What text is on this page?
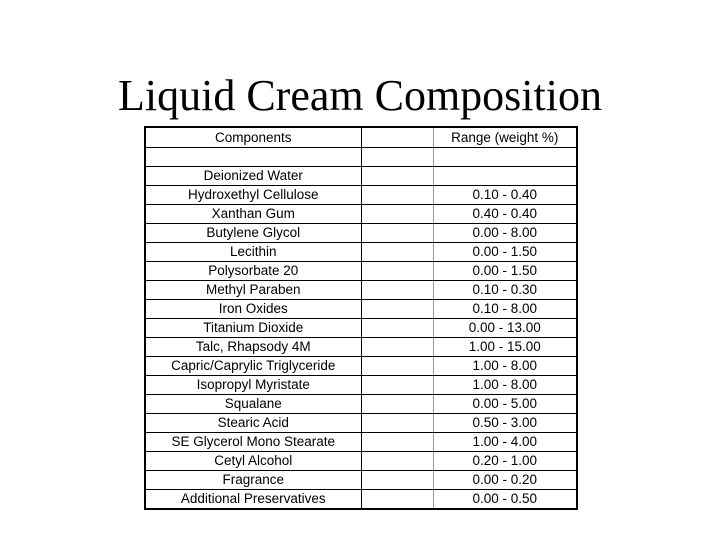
Liquid Cream Composition
Components		Range (weight %)

Deionized Water		
Hydroxethyl Cellulose		0.10 - 0.40
Xanthan Gum		0.40 - 0.40
Butylene Glycol		0.00 - 8.00
Lecithin		0.00 - 1.50
Polysorbate 20		0.00 - 1.50
Methyl Paraben		0.10 - 0.30
Iron Oxides		0.10 - 8.00
Titanium Dioxide		0.00 - 13.00
Talc, Rhapsody 4M		1.00 - 15.00
Capric/Caprylic Triglyceride		1.00 - 8.00
Isopropyl Myristate		1.00 - 8.00
Squalane		0.00 - 5.00
Stearic Acid		0.50 - 3.00
SE Glycerol Mono Stearate		1.00 - 4.00
Cetyl Alcohol		0.20 - 1.00
Fragrance		0.00 - 0.20
Additional Preservatives		0.00 - 0.50
